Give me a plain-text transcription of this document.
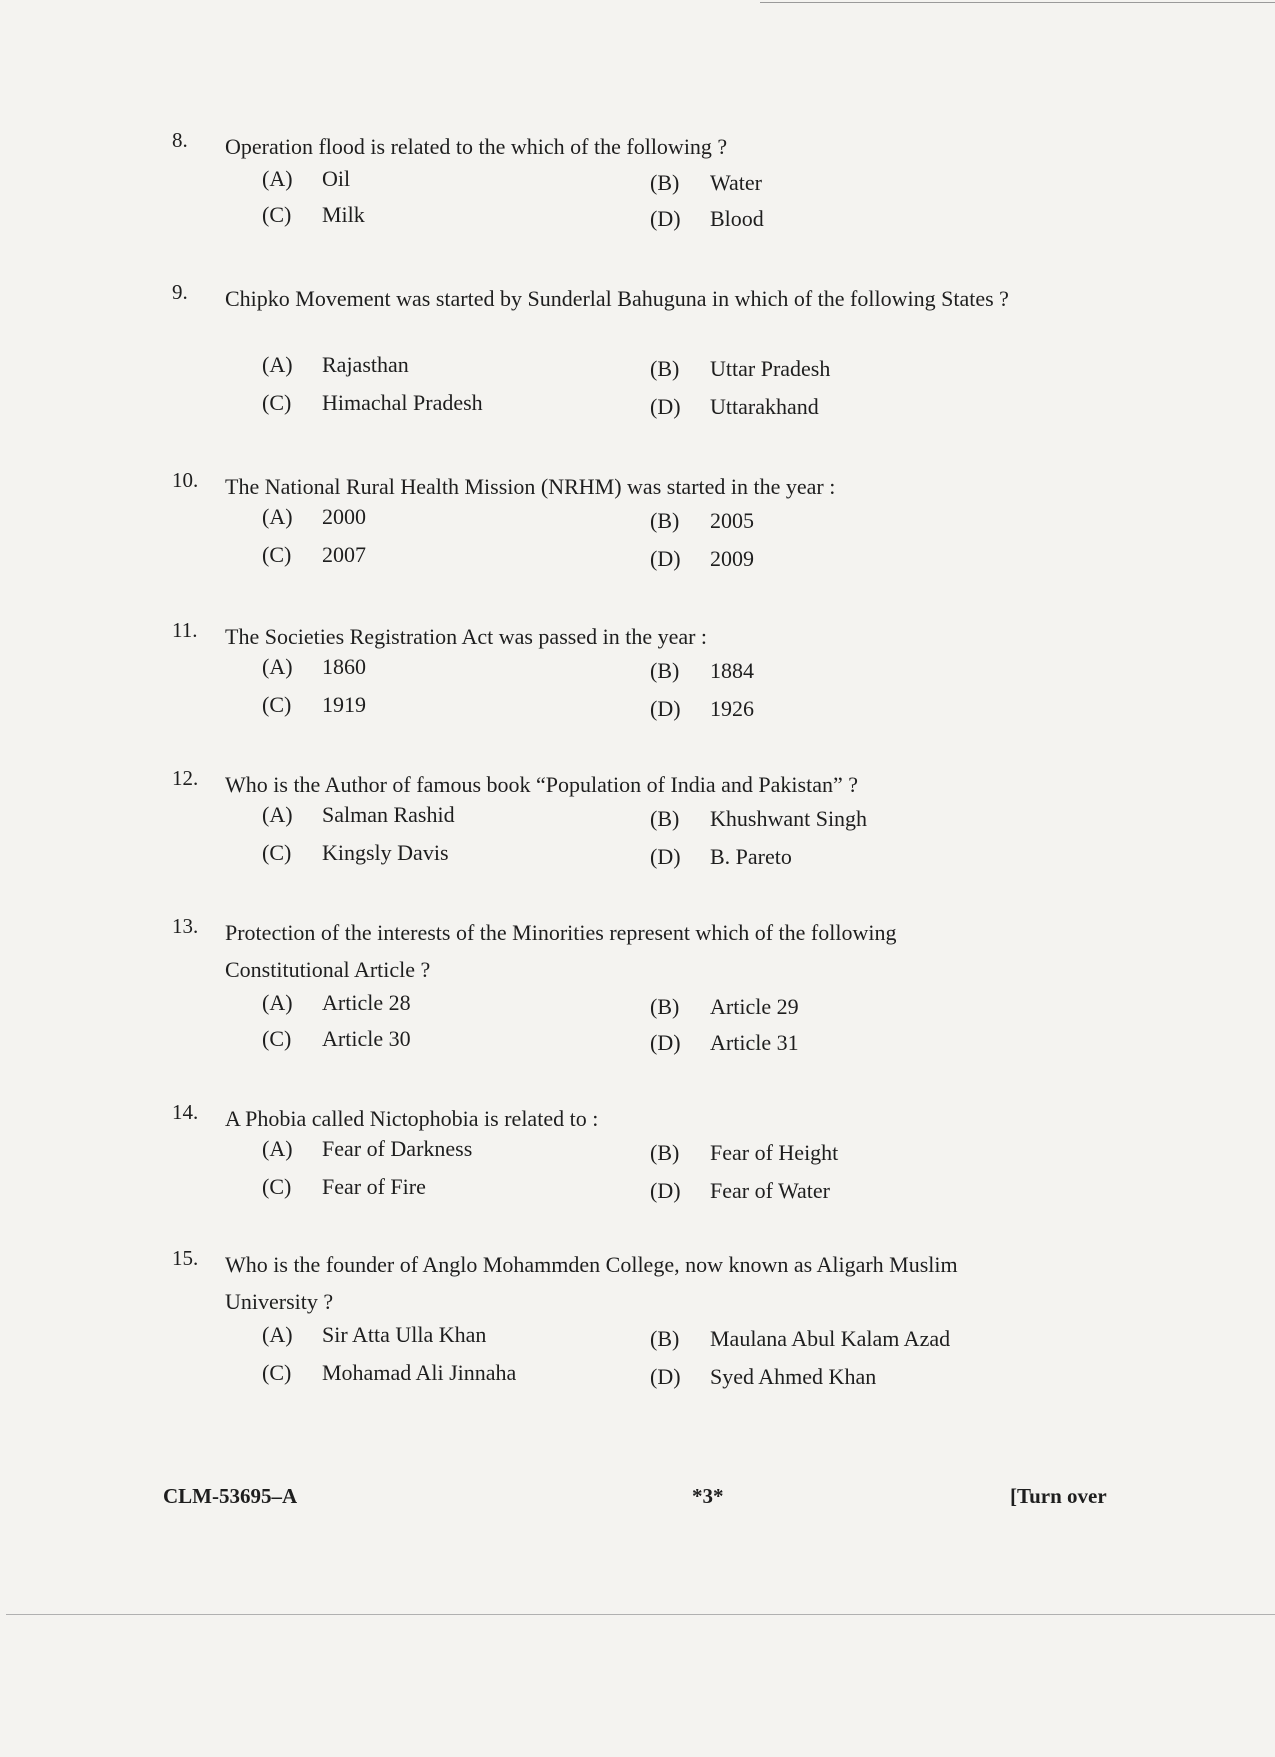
8. Operation flood is related to the which of the following ?
(A) Oil	(B) Water
(C) Milk	(D) Blood
9. Chipko Movement was started by Sunderlal Bahuguna in which of the following States ?
(A) Rajasthan	(B) Uttar Pradesh
(C) Himachal Pradesh	(D) Uttarakhand
10. The National Rural Health Mission (NRHM) was started in the year :
(A) 2000	(B) 2005
(C) 2007	(D) 2009
11. The Societies Registration Act was passed in the year :
(A) 1860	(B) 1884
(C) 1919	(D) 1926
12. Who is the Author of famous book “Population of India and Pakistan” ?
(A) Salman Rashid	(B) Khushwant Singh
(C) Kingsly Davis	(D) B. Pareto
13. Protection of the interests of the Minorities represent which of the following Constitutional Article ?
(A) Article 28	(B) Article 29
(C) Article 30	(D) Article 31
14. A Phobia called Nictophobia is related to :
(A) Fear of Darkness	(B) Fear of Height
(C) Fear of Fire	(D) Fear of Water
15. Who is the founder of Anglo Mohammden College, now known as Aligarh Muslim University ?
(A) Sir Atta Ulla Khan	(B) Maulana Abul Kalam Azad
(C) Mohamad Ali Jinnaha	(D) Syed Ahmed Khan
CLM-53695–A	*3*	[Turn over
